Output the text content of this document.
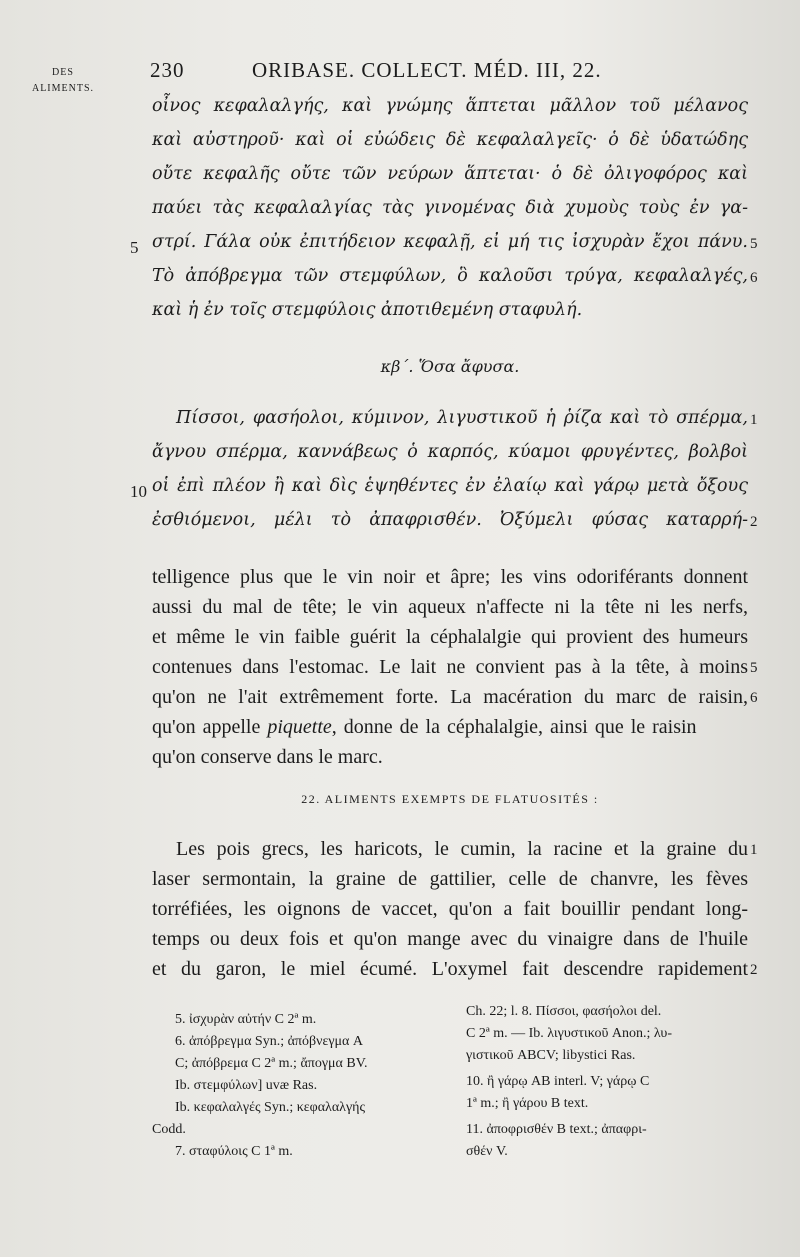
DES
ALIMENTS.
230	ORIBASE. COLLECT. MÉD. III, 22.
οἶνος κεφαλαλγής, καὶ γνώμης ἅπτεται μᾶλλον τοῦ μέλανος
καὶ αὐστηροῦ· καὶ οἱ εὐώδεις δὲ κεφαλαλγεῖς· ὁ δὲ ὑδατώδης
οὔτε κεφαλῆς οὔτε τῶν νεύρων ἅπτεται· ὁ δὲ ὀλιγοφόρος καὶ
παύει τὰς κεφαλαλγίας τὰς γινομένας διὰ χυμοὺς τοὺς ἐν γα-
στρί. Γάλα οὐκ ἐπιτήδειον κεφαλῇ, εἰ μή τις ἰσχυρὰν ἔχοι πάνυ.
Τὸ ἀπόβρεγμα τῶν στεμφύλων, ὃ καλοῦσι τρύγα, κεφαλαλγές,
καὶ ἡ ἐν τοῖς στεμφύλοις ἀποτιθεμένη σταφυλή.
5	5
6
κβ΄. Ὅσα ἄφυσα.
Πίσσοι, φασήολοι, κύμινον, λιγυστικοῦ ἡ ῥίζα καὶ τὸ σπέρμα,
ἄγνου σπέρμα, καννάβεως ὁ καρπός, κύαμοι φρυγέντες, βολβοὶ
οἱ ἐπὶ πλέον ἢ καὶ δὶς ἑψηθέντες ἐν ἐλαίῳ καὶ γάρῳ μετὰ ὄξους
ἐσθιόμενοι, μέλι τὸ ἀπαφρισθέν. Ὀξύμελι φύσας καταρρή-
10
1
2
telligence plus que le vin noir et âpre; les vins odoriférants donnent
aussi du mal de tête; le vin aqueux n'affecte ni la tête ni les nerfs,
et même le vin faible guérit la céphalalgie qui provient des humeurs
contenues dans l'estomac. Le lait ne convient pas à la tête, à moins
qu'on ne l'ait extrêmement forte. La macération du marc de raisin,
qu'on appelle piquette, donne de la céphalalgie, ainsi que le raisin
qu'on conserve dans le marc.
5
6
22. ALIMENTS EXEMPTS DE FLATUOSITÉS :
Les pois grecs, les haricots, le cumin, la racine et la graine du
laser sermontain, la graine de gattilier, celle de chanvre, les fèves
torréfiées, les oignons de vaccet, qu'on a fait bouillir pendant long-
temps ou deux fois et qu'on mange avec du vinaigre dans de l'huile
et du garon, le miel écumé. L'oxymel fait descendre rapidement
1
2
5. ἰσχυρὰν αὐτήν C 2ª m.
6. ἀπόβρεγμα Syn.; ἀπόβνεγμα A
C; ἀπόβρεμα C 2ª m.; ἄπογμα BV.
Ib. στεμφύλων] uvæ Ras.
Ib. κεφαλαλγές Syn.; κεφαλαλγής
Codd.
7. σταφύλοις C 1ª m.
Ch. 22; l. 8. Πίσσοι, φασήολοι del.
C 2ª m. — Ib. λιγυστικοῦ Anon.; λυ-
γιστικοῦ ABCV; libystici Ras.
10. ἢ γάρῳ AB interl. V; γάρῳ C
1ª m.; ἢ γάρου B text.
11. ἀποφρισθέν B text.; ἀπαφρι-
σθέν V.
